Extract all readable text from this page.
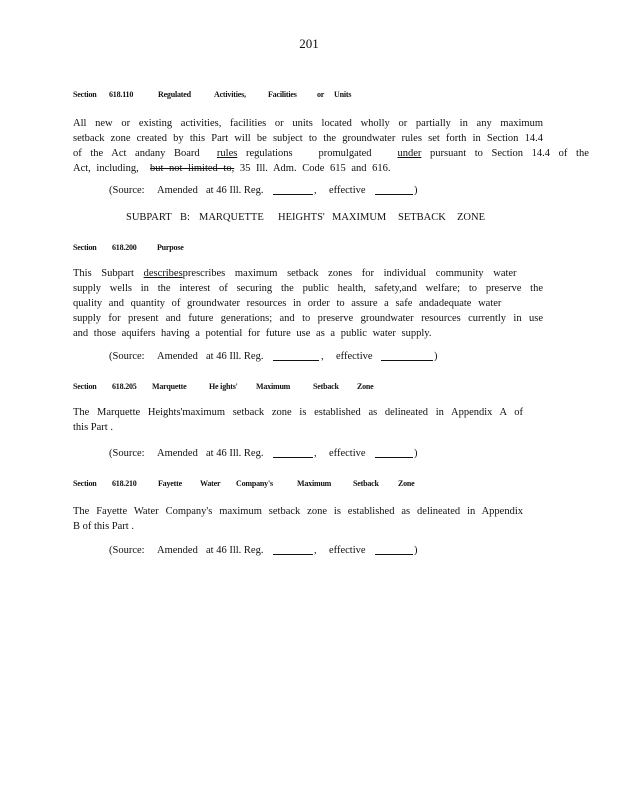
201
Section 618.110	Regulated	Activities,	Facilities	or Units
All new or existing activities, facilities or units located wholly or partially in any maximum
setback zone created by this Part will be subject to the groundwater rules set forth in Section 14.4
of the Act andany Board rules regulations promulgated under pursuant to Section 14.4 of the
Act, including, but not limited to, 35 Ill. Adm. Code 615 and 616.
(Source: Amended at 46 Ill. Reg.	, effective	)
SUBPART B: MARQUETTE HEIGHTS' MAXIMUM SETBACK ZONE
Section 618.200	Purpose
This Subpart describesprescribes maximum setback zones for individual community water
supply wells in the interest of securing the public health, safety,and welfare; to preserve the
quality and quantity of groundwater resources in order to assure a safe andadequate water
supply for present and future generations; and to preserve groundwater resources currently in use
and those aquifers having a potential for future use as a public water supply.
(Source: Amended at 46 Ill. Reg.	, effective	)
Section 618.205 Marquette	He ights' Maximum	Setback Zone
The Marquette Heights'maximum setback zone is established as delineated in Appendix A of
this Part .
(Source: Amended at 46 Ill. Reg.	, effective	)
Section 618.210	Fayette Water Company's	Maximum	Setback Zone
The Fayette Water Company's maximum setback zone is established as delineated in Appendix
B of this Part .
(Source: Amended at 46 Ill. Reg.	, effective	)
